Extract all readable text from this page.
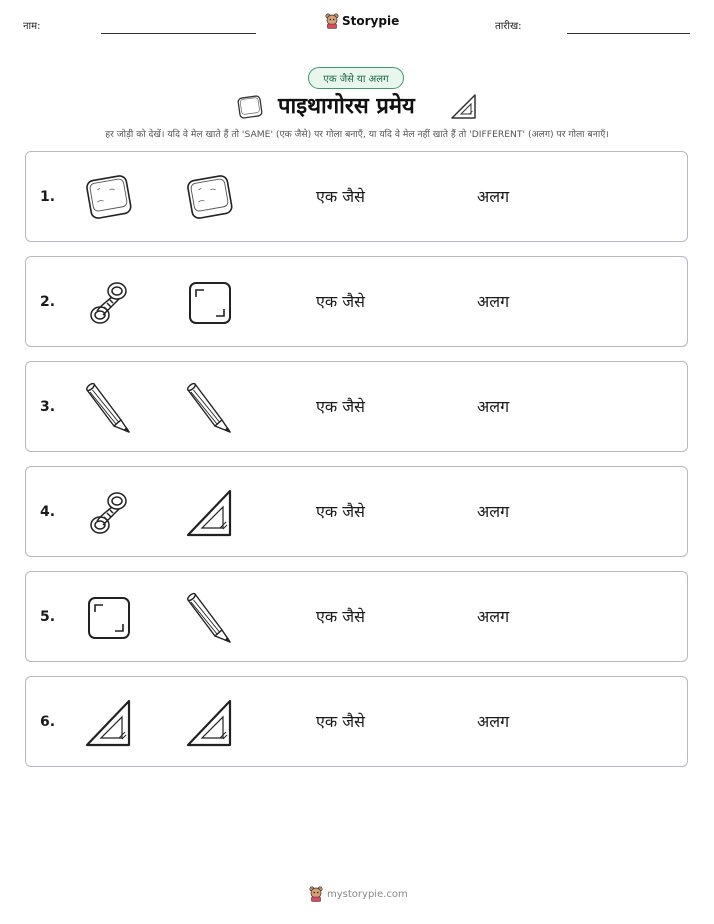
नाम:	Storypie	तारीख:
एक जैसे या अलग
पाइथागोरस प्रमेय
हर जोड़ी को देखें। यदि वे मेल खाते हैं तो 'SAME' (एक जैसे) पर गोला बनाएँ, या यदि वे मेल नहीं खाते हैं तो 'DIFFERENT' (अलग) पर गोला बनाएँ।
1.	एक जैसे	अलग
2.	एक जैसे	अलग
3.	एक जैसे	अलग
4.	एक जैसे	अलग
5.	एक जैसे	अलग
6.	एक जैसे	अलग
mystorypie.com
